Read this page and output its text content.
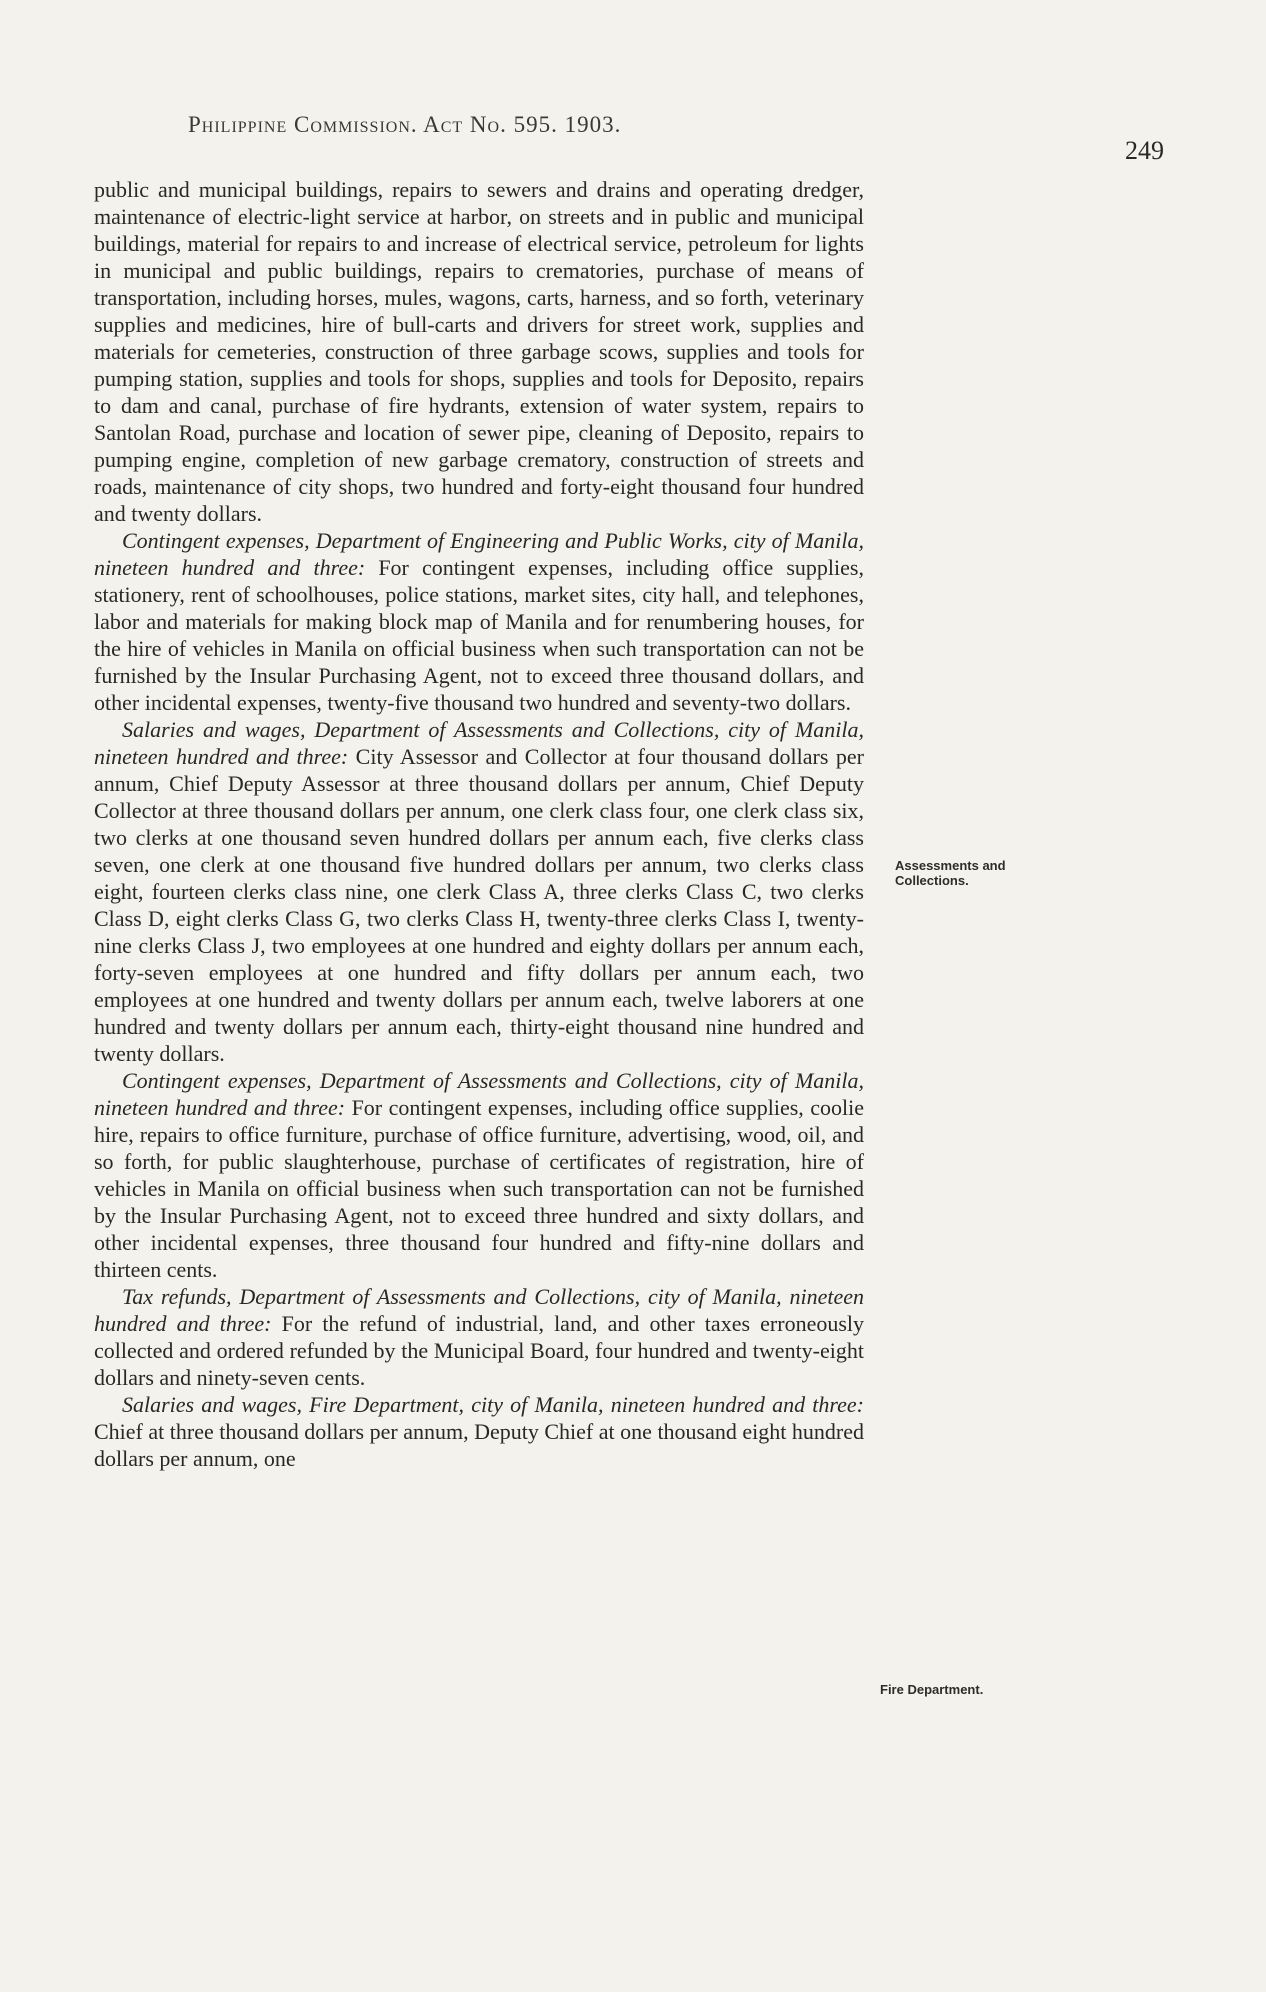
Philippine Commission. Act No. 595. 1903.
249

public and municipal buildings, repairs to sewers and drains and operating dredger, maintenance of electric-light service at harbor, on streets and in public and municipal buildings, material for repairs to and increase of electrical service, petroleum for lights in municipal and public buildings, repairs to crematories, purchase of means of transportation, including horses, mules, wagons, carts, harness, and so forth, veterinary supplies and medicines, hire of bull-carts and drivers for street work, supplies and materials for cemeteries, construction of three garbage scows, supplies and tools for pumping station, supplies and tools for shops, supplies and tools for Deposito, repairs to dam and canal, purchase of fire hydrants, extension of water system, repairs to Santolan Road, purchase and location of sewer pipe, cleaning of Deposito, repairs to pumping engine, completion of new garbage crematory, construction of streets and roads, maintenance of city shops, two hundred and forty-eight thousand four hundred and twenty dollars.

Contingent expenses, Department of Engineering and Public Works, city of Manila, nineteen hundred and three: For contingent expenses, including office supplies, stationery, rent of schoolhouses, police stations, market sites, city hall, and telephones, labor and materials for making block map of Manila and for renumbering houses, for the hire of vehicles in Manila on official business when such transportation can not be furnished by the Insular Purchasing Agent, not to exceed three thousand dollars, and other incidental expenses, twenty-five thousand two hundred and seventy-two dollars.

Salaries and wages, Department of Assessments and Collections, city of Manila, nineteen hundred and three: City Assessor and Collector at four thousand dollars per annum, Chief Deputy Assessor at three thousand dollars per annum, Chief Deputy Collector at three thousand dollars per annum, one clerk class four, one clerk class six, two clerks at one thousand seven hundred dollars per annum each, five clerks class seven, one clerk at one thousand five hundred dollars per annum, two clerks class eight, fourteen clerks class nine, one clerk Class A, three clerks Class C, two clerks Class D, eight clerks Class G, two clerks Class H, twenty-three clerks Class I, twenty-nine clerks Class J, two employees at one hundred and eighty dollars per annum each, forty-seven employees at one hundred and fifty dollars per annum each, two employees at one hundred and twenty dollars per annum each, twelve laborers at one hundred and twenty dollars per annum each, thirty-eight thousand nine hundred and twenty dollars.

Contingent expenses, Department of Assessments and Collections, city of Manila, nineteen hundred and three: For contingent expenses, including office supplies, coolie hire, repairs to office furniture, purchase of office furniture, advertising, wood, oil, and so forth, for public slaughterhouse, purchase of certificates of registration, hire of vehicles in Manila on official business when such transportation can not be furnished by the Insular Purchasing Agent, not to exceed three hundred and sixty dollars, and other incidental expenses, three thousand four hundred and fifty-nine dollars and thirteen cents.

Tax refunds, Department of Assessments and Collections, city of Manila, nineteen hundred and three: For the refund of industrial, land, and other taxes erroneously collected and ordered refunded by the Municipal Board, four hundred and twenty-eight dollars and ninety-seven cents.

Salaries and wages, Fire Department, city of Manila, nineteen hundred and three: Chief at three thousand dollars per annum, Deputy Chief at one thousand eight hundred dollars per annum, one

Assessments and Collections.
Fire Department.
